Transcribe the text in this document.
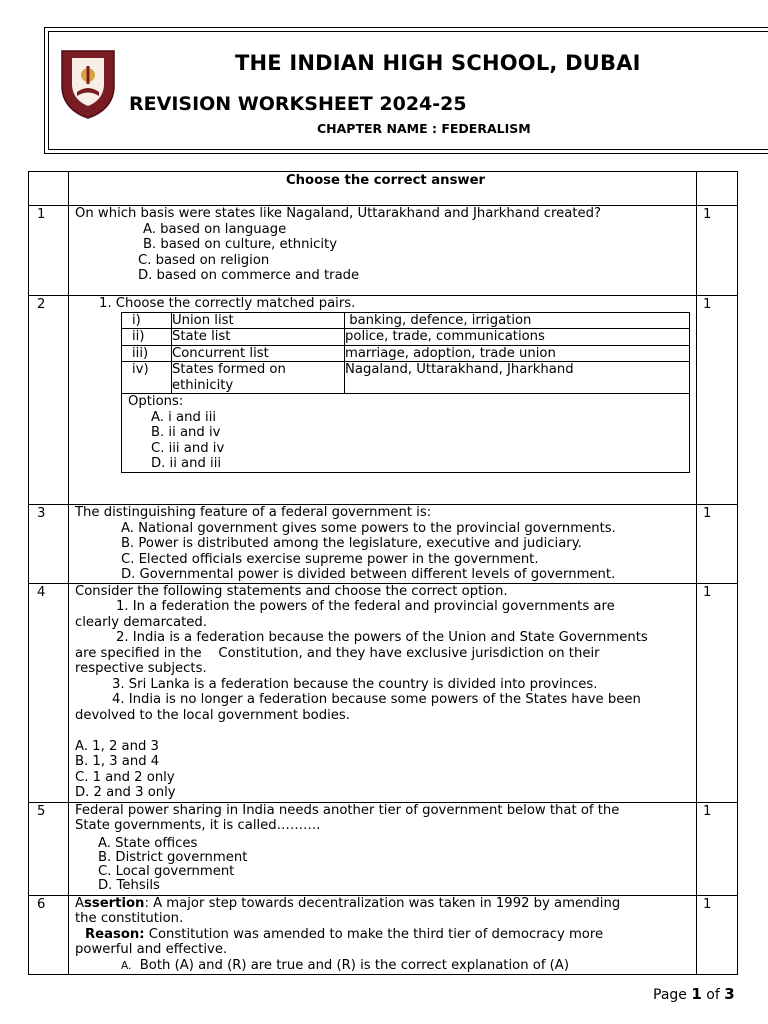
THE INDIAN HIGH SCHOOL, DUBAI
REVISION WORKSHEET 2024-25
CHAPTER NAME : FEDERALISM
	Choose the correct answer	
1	On which basis were states like Nagaland, Uttarakhand and Jharkhand created?
A. based on language
B. based on culture, ethnicity
C. based on religion
D. based on commerce and trade
	1
2	1. Choose the correctly matched pairs.
i)	Union list	banking, defence, irrigation
ii)	State list	police, trade, communications
iii)	Concurrent list	marriage, adoption, trade union
iv)	States formed on ethinicity	Nagaland, Uttarakhand, Jharkhand

Options:
A. i and iii
B. ii and iv
C. iii and iv
D. ii and iii
	1
3	The distinguishing feature of a federal government is:
A. National government gives some powers to the provincial governments.
B. Power is distributed among the legislature, executive and judiciary.
C. Elected officials exercise supreme power in the government.
D. Governmental power is divided between different levels of government.
	1
4	Consider the following statements and choose the correct option.
1. In a federation the powers of the federal and provincial governments are
clearly demarcated.
2. India is a federation because the powers of the Union and State Governments
are specified in the    Constitution, and they have exclusive jurisdiction on their
respective subjects.
3. Sri Lanka is a federation because the country is divided into provinces.
4. India is no longer a federation because some powers of the States have been
devolved to the local government bodies.
A. 1, 2 and 3
B. 1, 3 and 4
C. 1 and 2 only
D. 2 and 3 only
	1
5	Federal power sharing in India needs another tier of government below that of the
State governments, it is called……….
A. State offices
B. District government
C. Local government
D. Tehsils
	1
6	Assertion: A major step towards decentralization was taken in 1992 by amending
the constitution.
Reason: Constitution was amended to make the third tier of democracy more
powerful and effective.
A. Both (A) and (R) are true and (R) is the correct explanation of (A)
	1
Page 1 of 3
